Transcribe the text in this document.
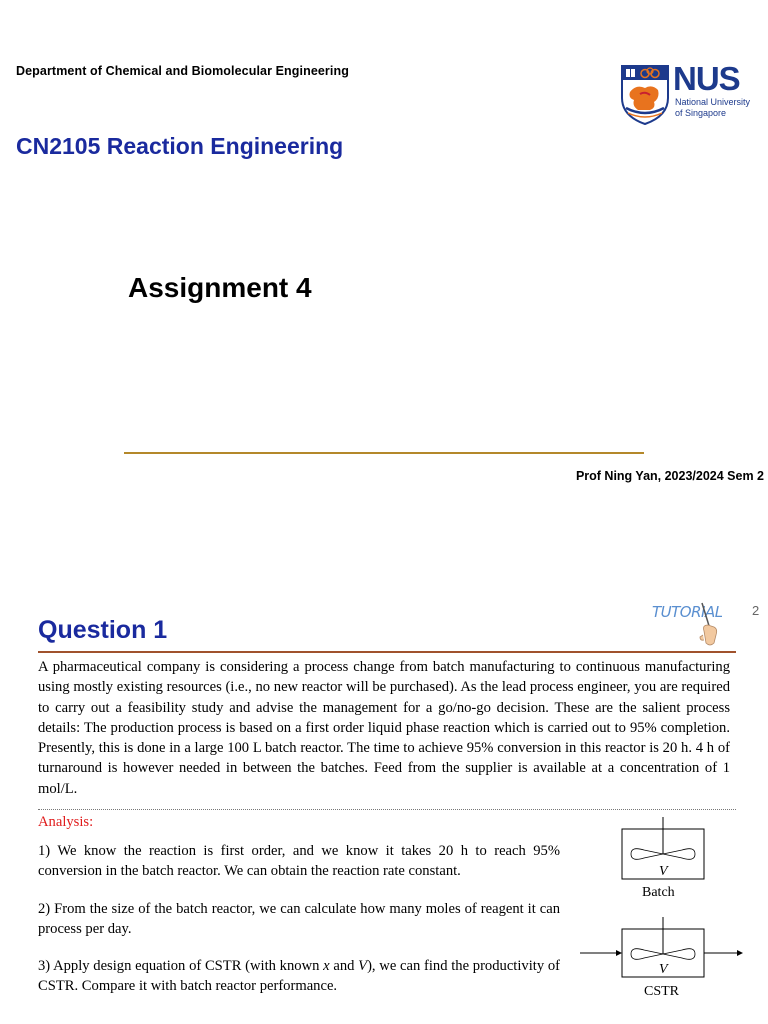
Department of Chemical and Biomolecular Engineering	NUS
National University
of Singapore
CN2105 Reaction Engineering
Assignment 4
Prof Ning Yan, 2023/2024 Sem 2
Question 1
TUTORIAL 2
A pharmaceutical company is considering a process change from batch manufacturing to continuous manufacturing using mostly existing resources (i.e., no new reactor will be purchased). As the lead process engineer, you are required to carry out a feasibility study and advise the management for a go/no-go decision. These are the salient process details: The production process is based on a first order liquid phase reaction which is carried out to 95% completion. Presently, this is done in a large 100 L batch reactor. The time to achieve 95% conversion in this reactor is 20 h. 4 h of turnaround is however needed in between the batches. Feed from the supplier is available at a concentration of 1 mol/L.
Analysis:
1) We know the reaction is first order, and we know it takes 20 h to reach 95% conversion in the batch reactor. We can obtain the reaction rate constant.
2) From the size of the batch reactor, we can calculate how many moles of reagent it can process per day.
3) Apply design equation of CSTR (with known x and V), we can find the productivity of CSTR. Compare it with batch reactor performance.
V
Batch
V
CSTR
